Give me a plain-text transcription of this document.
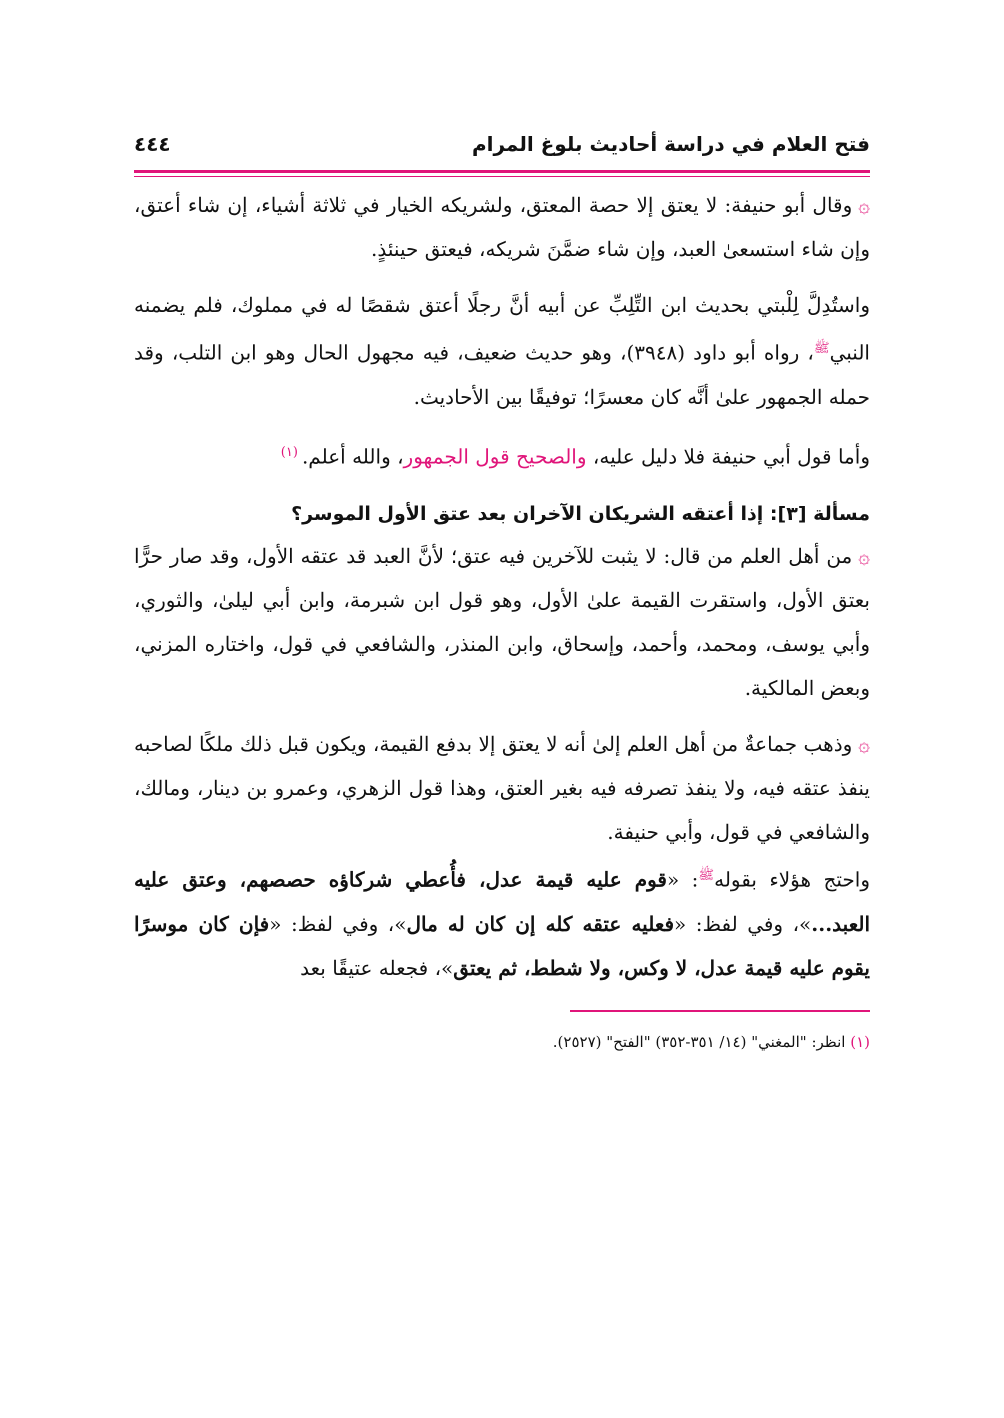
فتح العلام في دراسة أحاديث بلوغ المرام
٤٤٤

۞وقال أبو حنيفة: لا يعتق إلا حصة المعتق، ولشريكه الخيار في ثلاثة أشياء، إن شاء أعتق، وإن شاء استسعىٰ العبد، وإن شاء ضمَّنَ شريكه، فيعتق حينئذٍ.

واستُدِلَّ لِلْبتي بحديث ابن التِّلِبِّ عن أبيه أنَّ رجلًا أعتق شقصًا له في مملوك، فلم يضمنه النبي$^ﷺ$، رواه أبو داود (٣٩٤٨)، وهو حديث ضعيف، فيه مجهول الحال وهو ابن التلب، وقد حمله الجمهور علىٰ أنَّه كان معسرًا؛ توفيقًا بين الأحاديث.

وأما قول أبي حنيفة فلا دليل عليه، والصحيح قول الجمهور، والله أعلم.$^{(١)}$

مسألة [٣]: إذا أعتقه الشريكان الآخران بعد عتق الأول الموسر؟

۞من أهل العلم من قال: لا يثبت للآخرين فيه عتق؛ لأنَّ العبد قد عتقه الأول، وقد صار حرًّا بعتق الأول، واستقرت القيمة علىٰ الأول، وهو قول ابن شبرمة، وابن أبي ليلىٰ، والثوري، وأبي يوسف، ومحمد، وأحمد، وإسحاق، وابن المنذر، والشافعي في قول، واختاره المزني، وبعض المالكية.

۞وذهب جماعةٌ من أهل العلم إلىٰ أنه لا يعتق إلا بدفع القيمة، ويكون قبل ذلك ملكًا لصاحبه ينفذ عتقه فيه، ولا ينفذ تصرفه فيه بغير العتق، وهذا قول الزهري، وعمرو بن دينار، ومالك، والشافعي في قول، وأبي حنيفة.

واحتج هؤلاء بقوله$^ﷺ$: «قوم عليه قيمة عدل، فأُعطي شركاؤه حصصهم، وعتق عليه العبد...»، وفي لفظ: «فعليه عتقه كله إن كان له مال»، وفي لفظ: «فإن كان موسرًا يقوم عليه قيمة عدل، لا وكس، ولا شطط، ثم يعتق»، فجعله عتيقًا بعد

(١) انظر: "المغني" (١٤/ ٣٥١-٣٥٢) "الفتح" (٢٥٢٧).
